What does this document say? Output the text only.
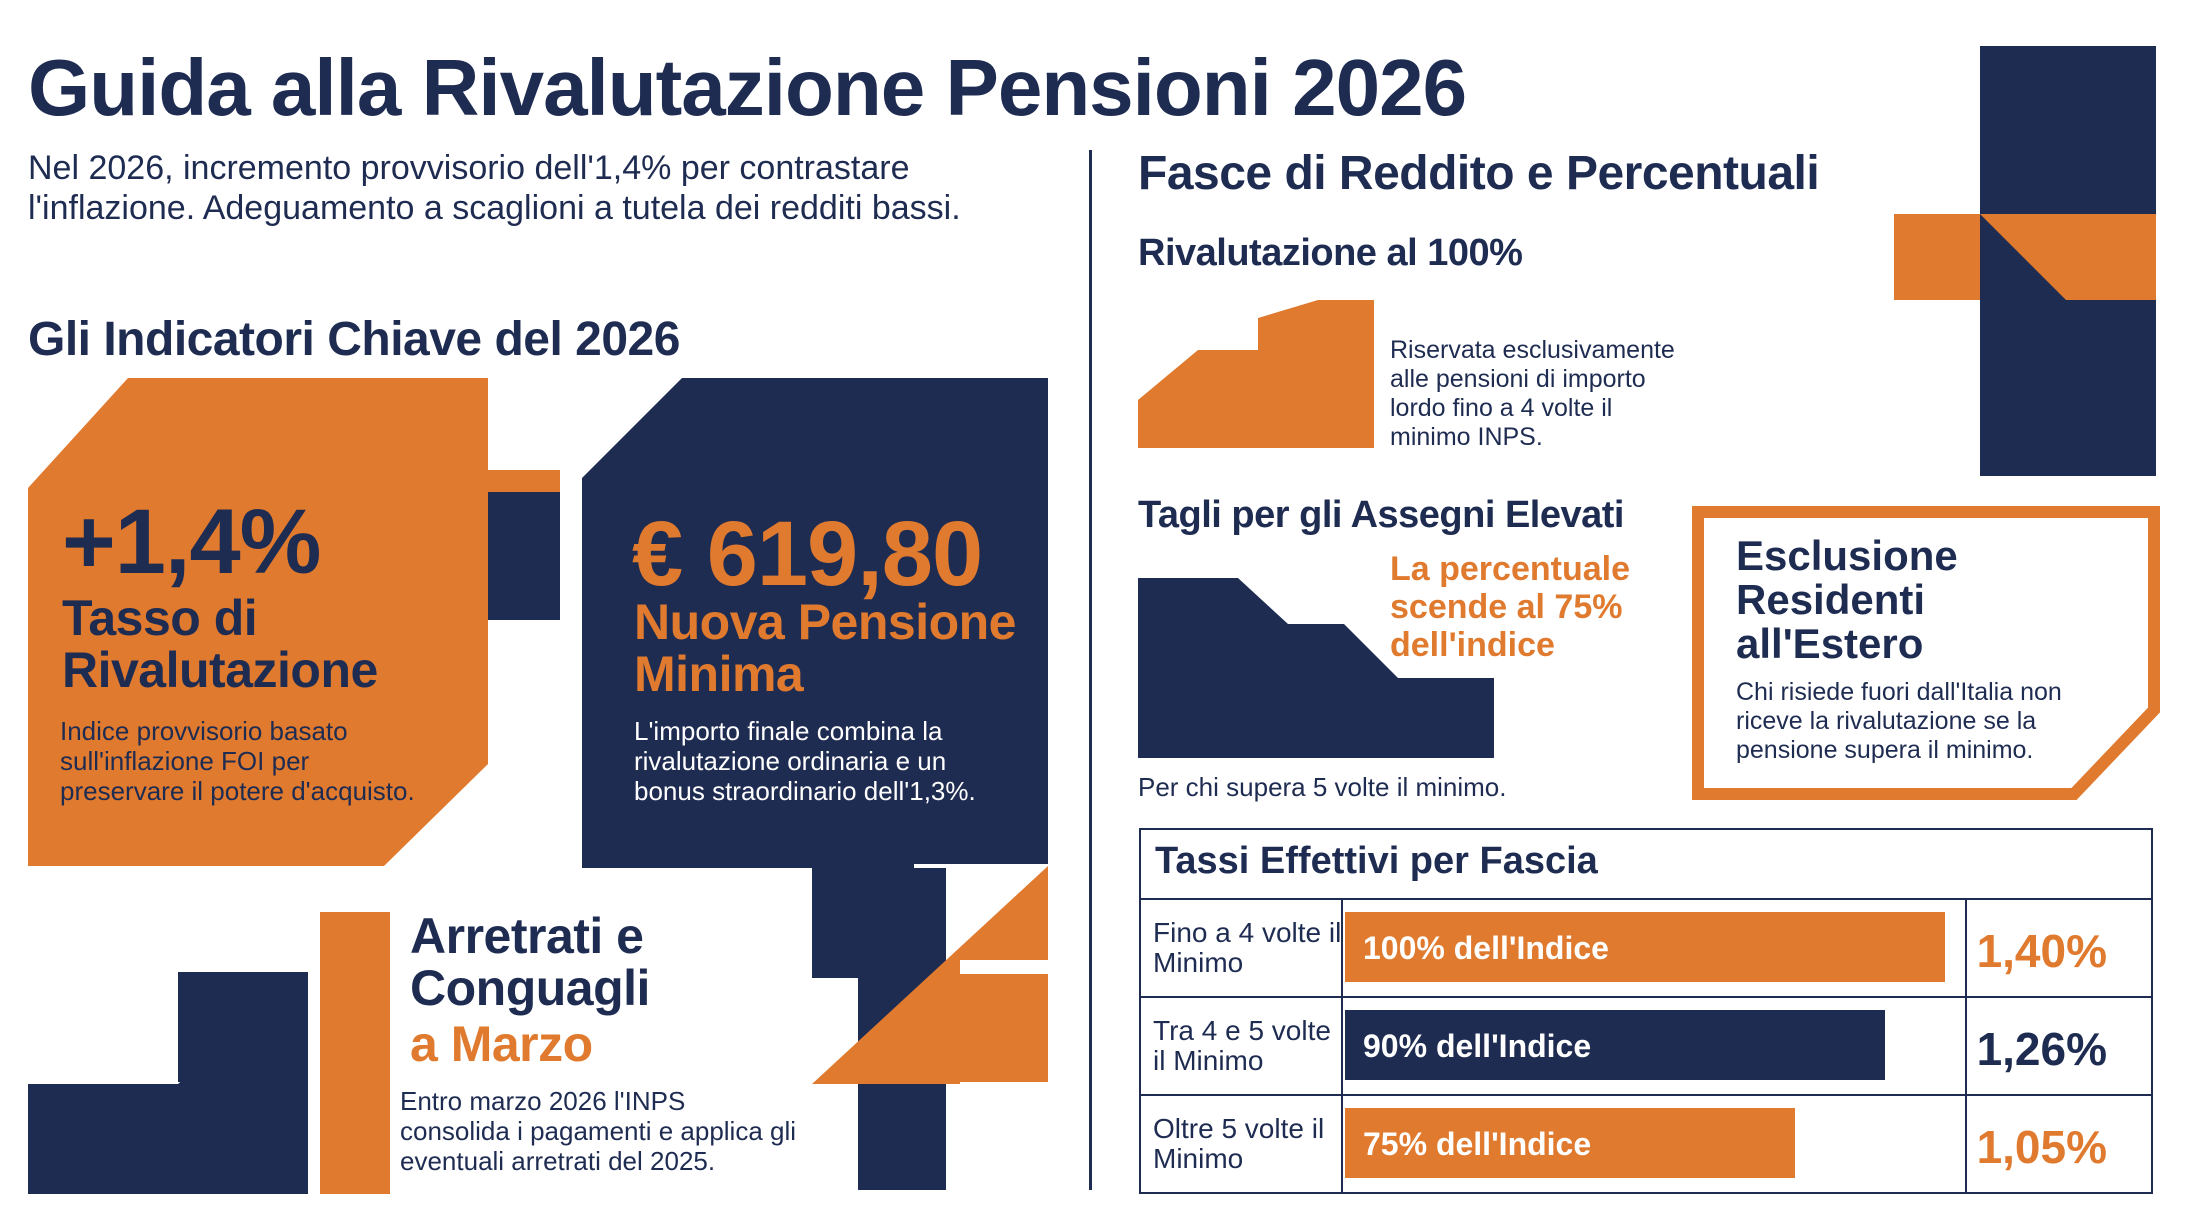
Guida alla Rivalutazione Pensioni 2026
Nel 2026, incremento provvisorio dell'1,4% per contrastare l'inflazione. Adeguamento a scaglioni a tutela dei redditi bassi.
Gli Indicatori Chiave del 2026
+1,4%
Tasso di Rivalutazione
Indice provvisorio basato sull'inflazione FOI per preservare il potere d'acquisto.
€ 619,80
Nuova Pensione Minima
L'importo finale combina la rivalutazione ordinaria e un bonus straordinario dell'1,3%.
Arretrati e
Conguagli
a Marzo
Entro marzo 2026 l'INPS consolida i pagamenti e applica gli eventuali arretrati del 2025.
Fasce di Reddito e Percentuali
Rivalutazione al 100%
Riservata esclusivamente alle pensioni di importo lordo fino a 4 volte il minimo INPS.
Tagli per gli Assegni Elevati
La percentuale scende al 75% dell'indice
Per chi supera 5 volte il minimo.
Esclusione Residenti all'Estero
Chi risiede fuori dall'Italia non riceve la rivalutazione se la pensione supera il minimo.
Tassi Effettivi per Fascia
Fino a 4 volte il Minimo	100% dell'Indice	1,40%
Tra 4 e 5 volte il Minimo	90% dell'Indice	1,26%
Oltre 5 volte il Minimo	75% dell'Indice	1,05%
